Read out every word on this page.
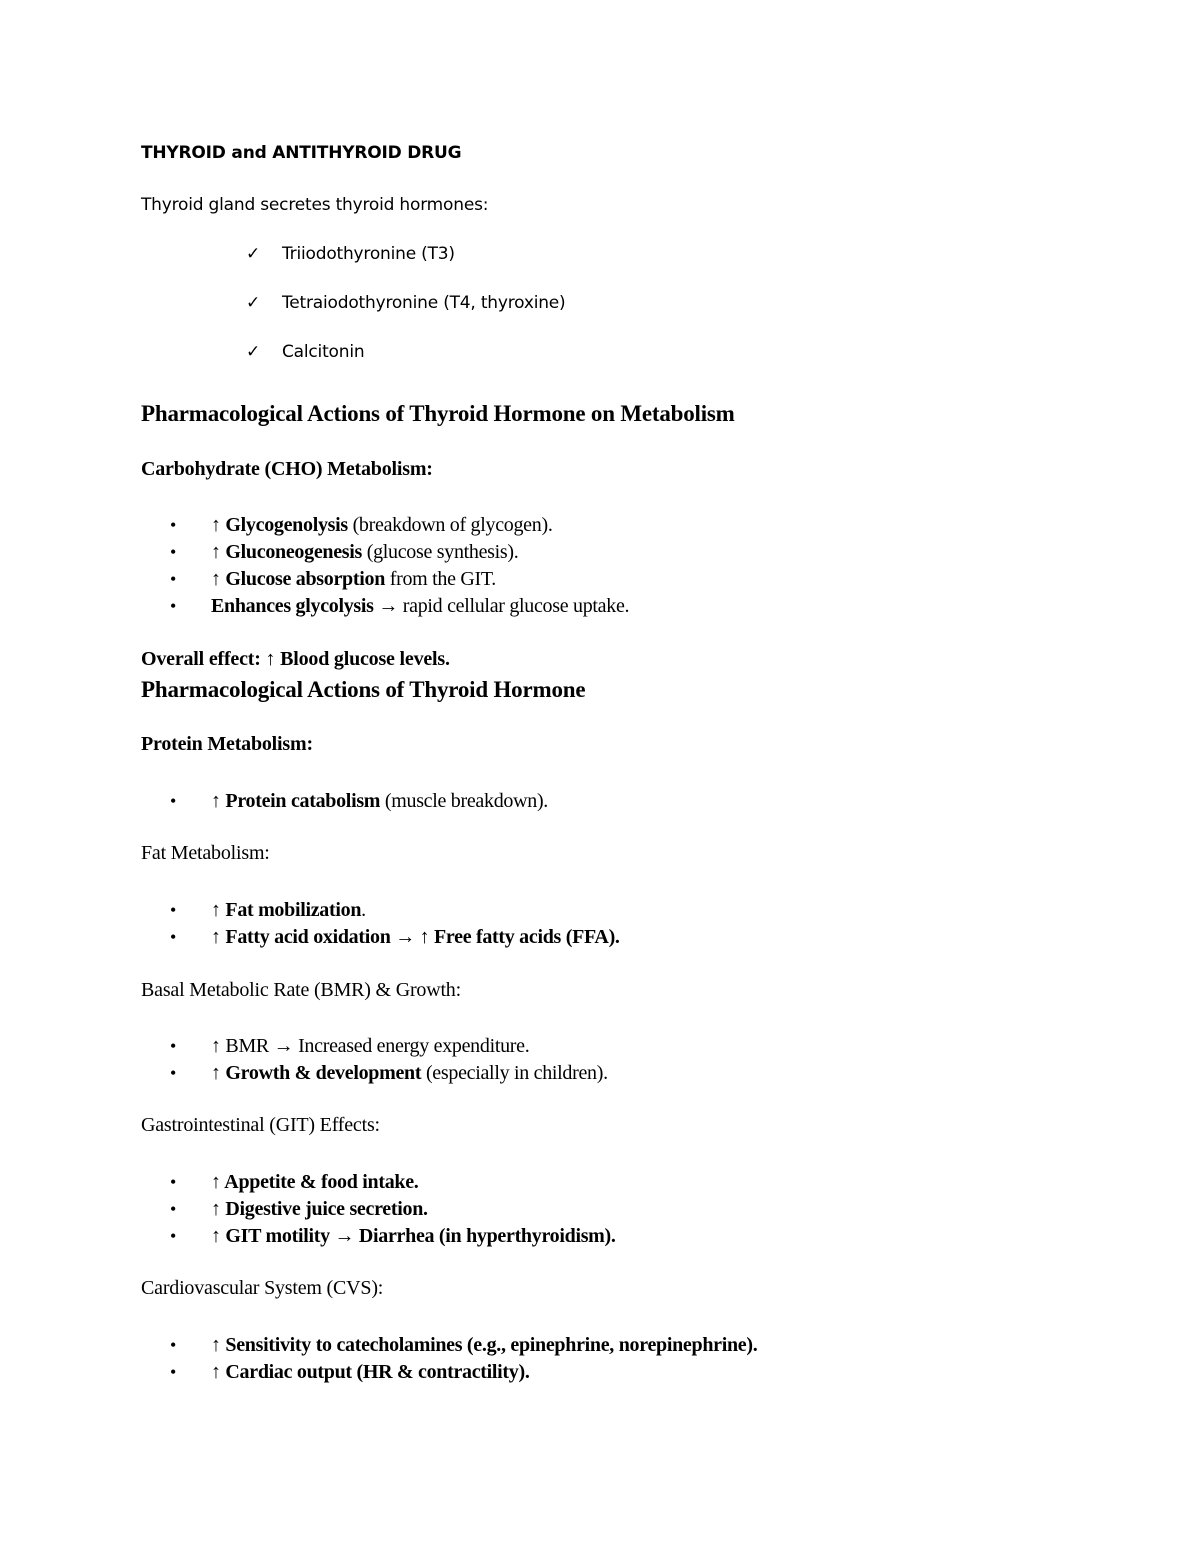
THYROID and ANTITHYROID DRUG
Thyroid gland secretes thyroid hormones:
✓	Triiodothyronine (T3)
✓	Tetraiodothyronine (T4, thyroxine)
✓	Calcitonin
Pharmacological Actions of Thyroid Hormone on Metabolism
Carbohydrate (CHO) Metabolism:
•	↑ Glycogenolysis (breakdown of glycogen).
•	↑ Gluconeogenesis (glucose synthesis).
•	↑ Glucose absorption from the GIT.
•	Enhances glycolysis → rapid cellular glucose uptake.
Overall effect: ↑ Blood glucose levels.
Pharmacological Actions of Thyroid Hormone
Protein Metabolism:
•	↑ Protein catabolism (muscle breakdown).
Fat Metabolism:
•	↑ Fat mobilization.
•	↑ Fatty acid oxidation → ↑ Free fatty acids (FFA).
Basal Metabolic Rate (BMR) & Growth:
•	↑ BMR → Increased energy expenditure.
•	↑ Growth & development (especially in children).
Gastrointestinal (GIT) Effects:
•	↑ Appetite & food intake.
•	↑ Digestive juice secretion.
•	↑ GIT motility → Diarrhea (in hyperthyroidism).
Cardiovascular System (CVS):
•	↑ Sensitivity to catecholamines (e.g., epinephrine, norepinephrine).
•	↑ Cardiac output (HR & contractility).
